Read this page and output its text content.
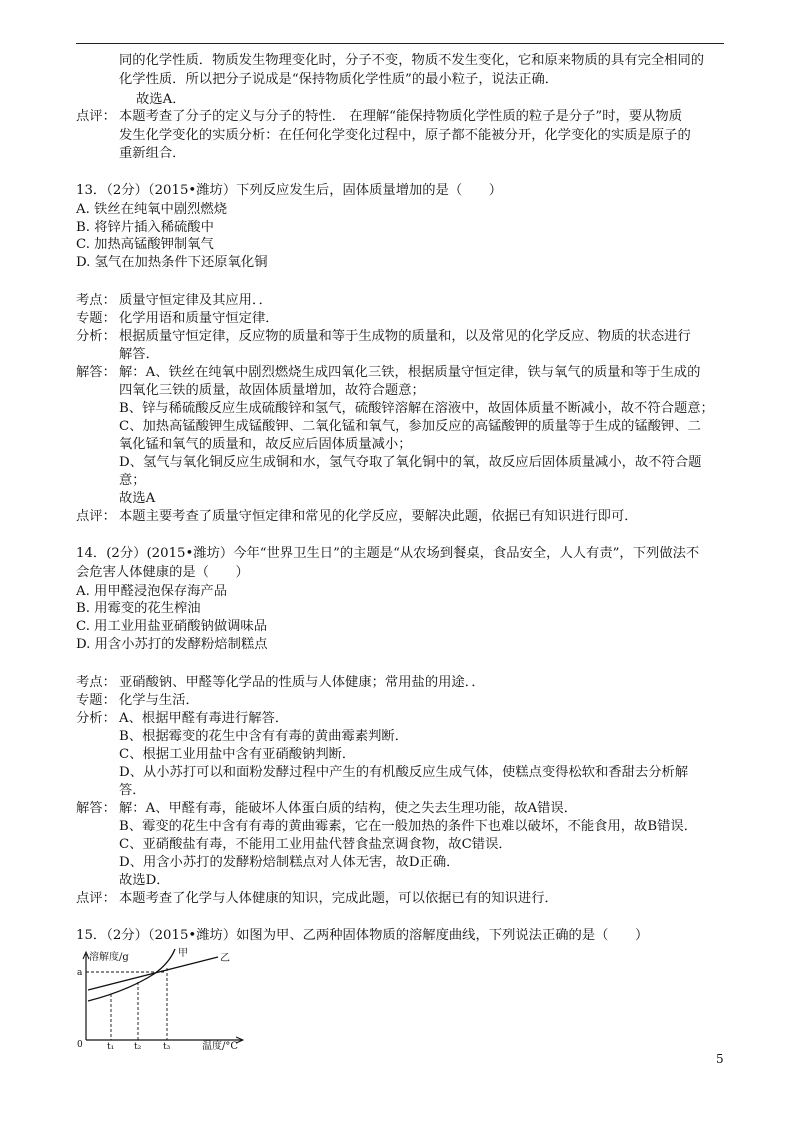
同的化学性质．物质发生物理变化时，分子不变，物质不发生变化，它和原来物质的具有完全相同的
化学性质．所以把分子说成是“保持物质化学性质”的最小粒子，说法正确．
故选A．
点评： 本题考查了分子的定义与分子的特性． 在理解“能保持物质化学性质的粒子是分子”时，要从物质
发生化学变化的实质分析：在任何化学变化过程中，原子都不能被分开，化学变化的实质是原子的
重新组合．
13．（2分）（2015•潍坊）下列反应发生后，固体质量增加的是（　　）
A. 铁丝在纯氧中剧烈燃烧
B. 将锌片插入稀硫酸中
C. 加热高锰酸钾制氧气
D. 氢气在加热条件下还原氧化铜
考点： 质量守恒定律及其应用．．
专题： 化学用语和质量守恒定律．
分析： 根据质量守恒定律，反应物的质量和等于生成物的质量和，以及常见的化学反应、物质的状态进行
解答．
解答： 解：A、铁丝在纯氧中剧烈燃烧生成四氧化三铁，根据质量守恒定律，铁与氧气的质量和等于生成的
四氧化三铁的质量，故固体质量增加，故符合题意；
B、锌与稀硫酸反应生成硫酸锌和氢气，硫酸锌溶解在溶液中，故固体质量不断减小，故不符合题意；
C、加热高锰酸钾生成锰酸钾、二氧化锰和氧气，参加反应的高锰酸钾的质量等于生成的锰酸钾、二
氧化锰和氧气的质量和，故反应后固体质量减小；
D、氢气与氧化铜反应生成铜和水，氢气夺取了氧化铜中的氧，故反应后固体质量减小，故不符合题
意；
故选A
点评： 本题主要考查了质量守恒定律和常见的化学反应，要解决此题，依据已有知识进行即可．
14．(2分）(2015•潍坊）今年“世界卫生日”的主题是“从农场到餐桌，食品安全，人人有责”，下列做法不
会危害人体健康的是（　　）
A. 用甲醛浸泡保存海产品
B. 用霉变的花生榨油
C. 用工业用盐亚硝酸钠做调味品
D. 用含小苏打的发酵粉焙制糕点
考点： 亚硝酸钠、甲醛等化学品的性质与人体健康；常用盐的用途．．
专题： 化学与生活．
分析： A、根据甲醛有毒进行解答．
B、根据霉变的花生中含有有毒的黄曲霉素判断．
C、根据工业用盐中含有亚硝酸钠判断．
D、从小苏打可以和面粉发酵过程中产生的有机酸反应生成气体，使糕点变得松软和香甜去分析解
答．
解答： 解：A、甲醛有毒，能破坏人体蛋白质的结构，使之失去生理功能，故A错误．
B、霉变的花生中含有有毒的黄曲霉素，它在一般加热的条件下也难以破坏，不能食用，故B错误．
C、亚硝酸盐有毒，不能用工业用盐代替食盐烹调食物，故C错误．
D、用含小苏打的发酵粉焙制糕点对人体无害，故D正确．
故选D．
点评： 本题考查了化学与人体健康的知识，完成此题，可以依据已有的知识进行．
15．（2分）（2015•潍坊）如图为甲、乙两种固体物质的溶解度曲线，下列说法正确的是（　　）
溶解度/g	甲	乙
a
0	t₁ t₂ t₃	温度/°C
5
